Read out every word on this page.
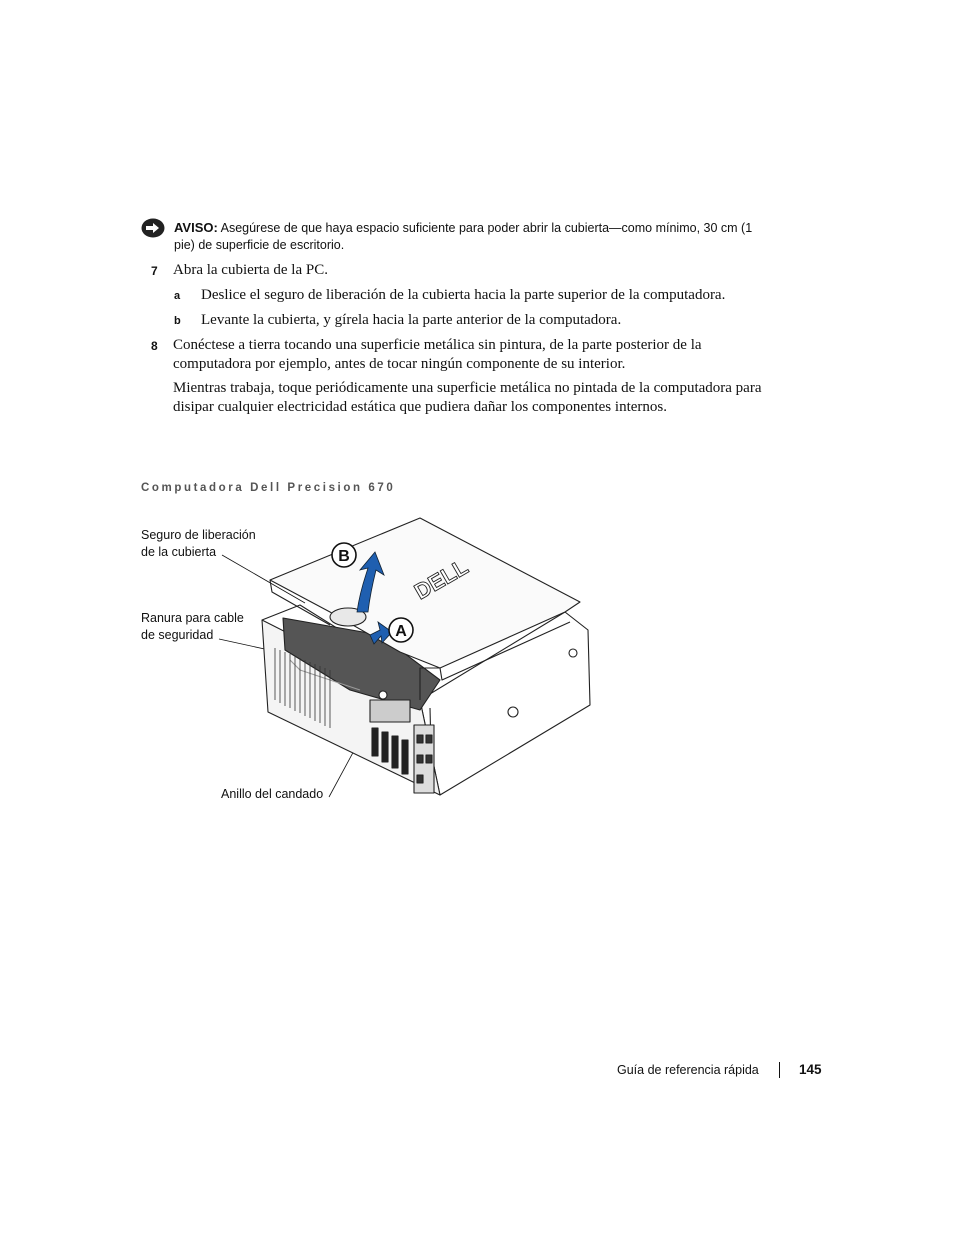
AVISO: Asegúrese de que haya espacio suficiente para poder abrir la cubierta—como mínimo, 30 cm (1 pie) de superficie de escritorio.
7 Abra la cubierta de la PC.
a Deslice el seguro de liberación de la cubierta hacia la parte superior de la computadora.
b Levante la cubierta, y gírela hacia la parte anterior de la computadora.
8 Conéctese a tierra tocando una superficie metálica sin pintura, de la parte posterior de la computadora por ejemplo, antes de tocar ningún componente de su interior.
Mientras trabaja, toque periódicamente una superficie metálica no pintada de la computadora para disipar cualquier electricidad estática que pudiera dañar los componentes internos.
Computadora Dell Precision 670
Seguro de liberación de la cubierta
Ranura para cable de seguridad
Anillo del candado
DELL
B
A
Guía de referencia rápida	145
